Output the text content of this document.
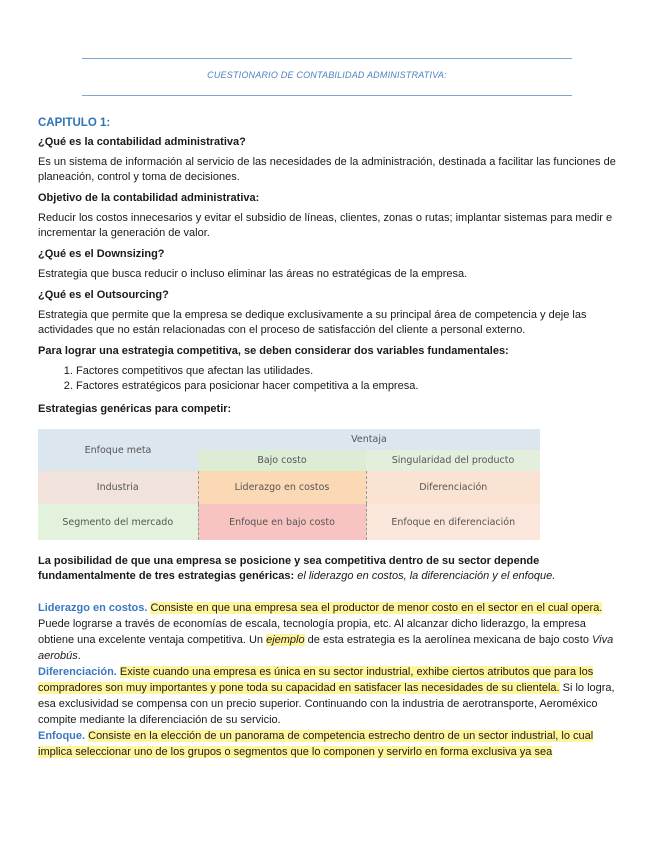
CUESTIONARIO DE CONTABILIDAD ADMINISTRATIVA:
CAPITULO 1:
¿Qué es la contabilidad administrativa?
Es un sistema de información al servicio de las necesidades de la administración, destinada a facilitar las funciones de planeación, control y toma de decisiones.
Objetivo de la contabilidad administrativa:
Reducir los costos innecesarios y evitar el subsidio de líneas, clientes, zonas o rutas; implantar sistemas para medir e incrementar la generación de valor.
¿Qué es el Downsizing?
Estrategia que busca reducir o incluso eliminar las áreas no estratégicas de la empresa.
¿Qué es el Outsourcing?
Estrategia que permite que la empresa se dedique exclusivamente a su principal área de competencia y deje las actividades que no están relacionadas con el proceso de satisfacción del cliente a personal externo.
Para lograr una estrategia competitiva, se deben considerar dos variables fundamentales:
1. Factores competitivos que afectan las utilidades.
2. Factores estratégicos para posicionar hacer competitiva a la empresa.
Estrategias genéricas para competir:
Enfoque meta	Ventaja	
	Bajo costo	Singularidad del producto
Industria	Liderazgo en costos	Diferenciación
Segmento del mercado	Enfoque en bajo costo	Enfoque en diferenciación
La posibilidad de que una empresa se posicione y sea competitiva dentro de su sector depende fundamentalmente de tres estrategias genéricas: el liderazgo en costos, la diferenciación y el enfoque.

Liderazgo en costos. Consiste en que una empresa sea el productor de menor costo en el sector en el cual opera. Puede lograrse a través de economías de escala, tecnología propia, etc. Al alcanzar dicho liderazgo, la empresa obtiene una excelente ventaja competitiva. Un ejemplo de esta estrategia es la aerolínea mexicana de bajo costo Viva aerobús.

Diferenciación. Existe cuando una empresa es única en su sector industrial, exhibe ciertos atributos que para los compradores son muy importantes y pone toda su capacidad en satisfacer las necesidades de su clientela. Si lo logra, esa exclusividad se compensa con un precio superior. Continuando con la industria de aerotransporte, Aeroméxico compite mediante la diferenciación de su servicio.

Enfoque. Consiste en la elección de un panorama de competencia estrecho dentro de un sector industrial, lo cual implica seleccionar uno de los grupos o segmentos que lo componen y servirlo en forma exclusiva ya sea
